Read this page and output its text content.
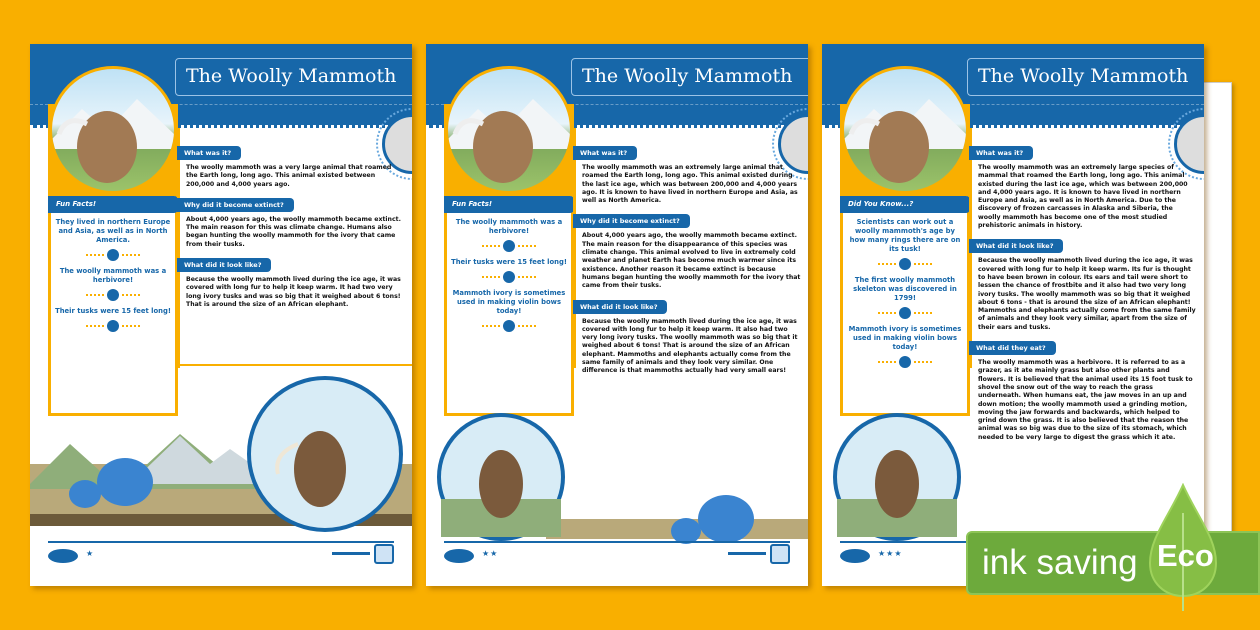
The Woolly Mammoth
Fun Facts!
They lived in northern Europe and Asia, as well as in North America.
The woolly mammoth was a herbivore!
Their tusks were 15 feet long!
What was it?

The woolly mammoth was a very large animal that roamed the Earth long, long ago. This animal existed between 200,000 and 4,000 years ago.

Why did it become extinct?

About 4,000 years ago, the woolly mammoth became extinct. The main reason for this was climate change. Humans also began hunting the woolly mammoth for the ivory that came from their tusks.

What did it look like?

Because the woolly mammoth lived during the ice age, it was covered with long fur to help it keep warm. It had two very long ivory tusks and was so big that it weighed about 6 tons! That is around the size of an African elephant.

★
The Woolly Mammoth
Fun Facts!
The woolly mammoth was a herbivore!
Their tusks were 15 feet long!
Mammoth ivory is sometimes used in making violin bows today!
What was it?

The woolly mammoth was an extremely large animal that roamed the Earth long, long ago. This animal existed during the last ice age, which was between 200,000 and 4,000 years ago. It is known to have lived in northern Europe and Asia, as well as North America.

Why did it become extinct?

About 4,000 years ago, the woolly mammoth became extinct. The main reason for the disappearance of this species was climate change. This animal evolved to live in extremely cold weather and planet Earth has become much warmer since its existence. Another reason it became extinct is because humans began hunting the woolly mammoth for the ivory that came from their tusks.

What did it look like?

Because the woolly mammoth lived during the ice age, it was covered with long fur to help it keep warm. It also had two very long ivory tusks. The woolly mammoth was so big that it weighed about 6 tons! That is around the size of an African elephant. Mammoths and elephants actually come from the same family of animals and they look very similar. One difference is that mammoths actually had very small ears!

★★
The Woolly Mammoth
Did You Know...?
Scientists can work out a woolly mammoth's age by how many rings there are on its tusk!
The first woolly mammoth skeleton was discovered in 1799!
Mammoth ivory is sometimes used in making violin bows today!
What was it?

The woolly mammoth was an extremely large species of mammal that roamed the Earth long, long ago. This animal existed during the last ice age, which was between 200,000 and 4,000 years ago. It is known to have lived in northern Europe and Asia, as well as in North America. Due to the discovery of frozen carcasses in Alaska and Siberia, the woolly mammoth has become one of the most studied prehistoric animals in history.

What did it look like?

Because the woolly mammoth lived during the ice age, it was covered with long fur to help it keep warm. Its fur is thought to have been brown in colour. Its ears and tail were short to lessen the chance of frostbite and it also had two very long ivory tusks. The woolly mammoth was so big that it weighed about 6 tons - that is around the size of an African elephant! Mammoths and elephants actually come from the same family of animals and they look very similar, apart from the size of their ears and tusks.

What did they eat?

The woolly mammoth was a herbivore. It is referred to as a grazer, as it ate mainly grass but also other plants and flowers. It is believed that the animal used its 15 foot tusk to shovel the snow out of the way to reach the grass underneath. When humans eat, the jaw moves in an up and down motion; the woolly mammoth used a grinding motion, moving the jaw forwards and backwards, which helped to grind down the grass. It is also believed that the reason the animal was so big was due to the size of its stomach, which needed to be very large to digest the grass which it ate.

★★★ ink saving Eco
